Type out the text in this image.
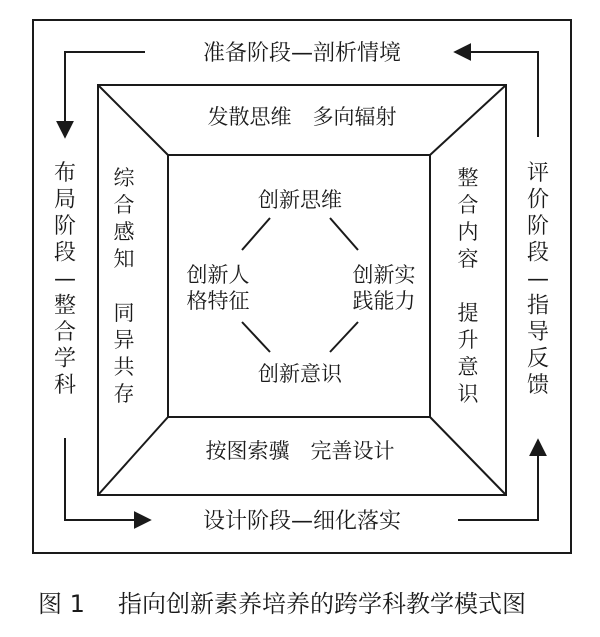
准备阶段—剖析情境
设计阶段—细化落实
布局阶段—整合学科
评价阶段—指导反馈
发散思维　多向辐射
按图索骥　完善设计
综合感知
同异共存
整合内容
提升意识
创新思维
创新人
格特征
创新实
践能力
创新意识
图 1 指向创新素养培养的跨学科教学模式图
